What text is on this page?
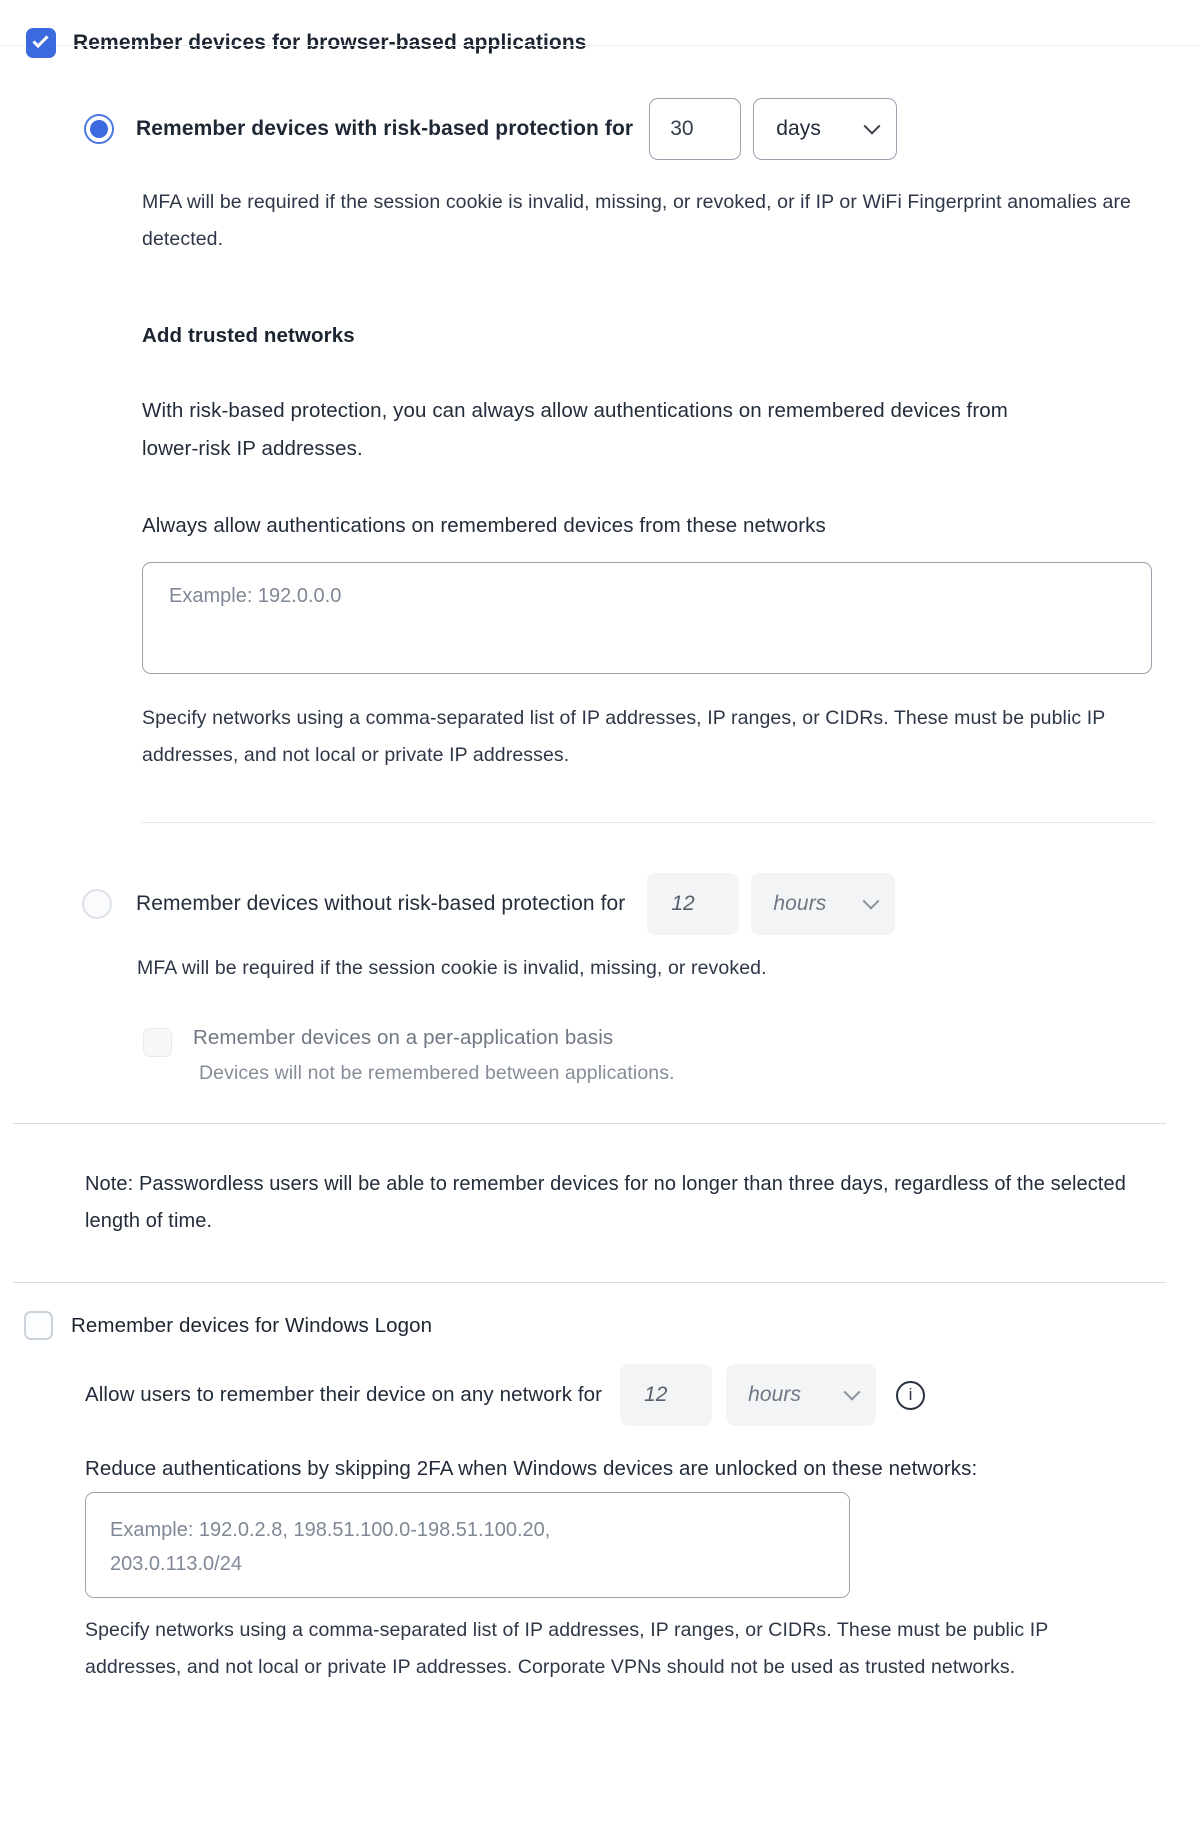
Remember devices for browser-based applications
Remember devices with risk-based protection for
30	days
MFA will be required if the session cookie is invalid, missing, or revoked, or if IP or WiFi Fingerprint anomalies are detected.
Add trusted networks
With risk-based protection, you can always allow authentications on remembered devices from lower-risk IP addresses.
Always allow authentications on remembered devices from these networks
Example: 192.0.0.0
Specify networks using a comma-separated list of IP addresses, IP ranges, or CIDRs. These must be public IP addresses, and not local or private IP addresses.
Remember devices without risk-based protection for
12	hours
MFA will be required if the session cookie is invalid, missing, or revoked.
Remember devices on a per-application basis
Devices will not be remembered between applications.
Note: Passwordless users will be able to remember devices for no longer than three days, regardless of the selected length of time.
Remember devices for Windows Logon
Allow users to remember their device on any network for
12	hours	i
Reduce authentications by skipping 2FA when Windows devices are unlocked on these networks:
Example: 192.0.2.8, 198.51.100.0-198.51.100.20, 203.0.113.0/24
Specify networks using a comma-separated list of IP addresses, IP ranges, or CIDRs. These must be public IP addresses, and not local or private IP addresses. Corporate VPNs should not be used as trusted networks.
